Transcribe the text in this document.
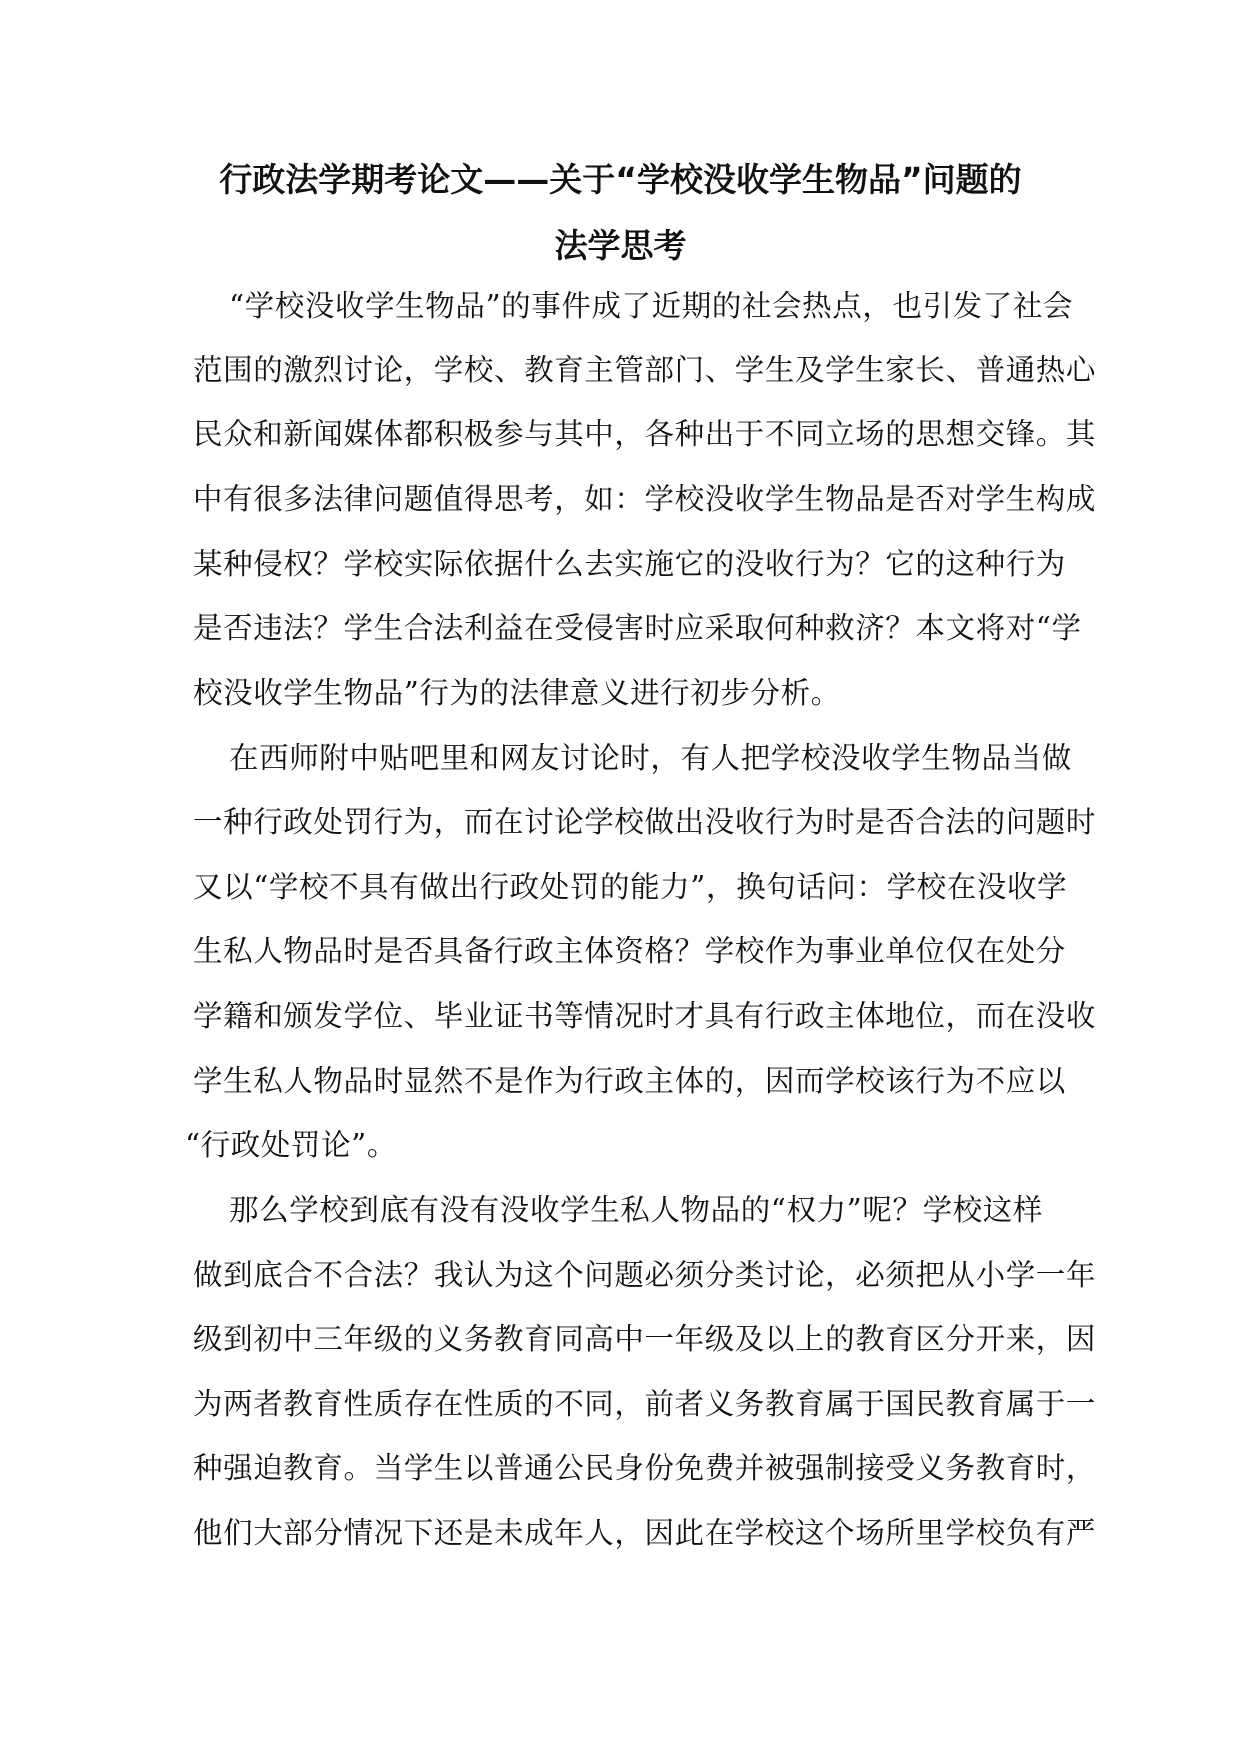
行政法学期考论文——关于“学校没收学生物品”问题的
法学思考

“学校没收学生物品”的事件成了近期的社会热点，也引发了社会

范围的激烈讨论，学校、教育主管部门、学生及学生家长、普通热心

民众和新闻媒体都积极参与其中，各种出于不同立场的思想交锋。其

中有很多法律问题值得思考，如：学校没收学生物品是否对学生构成

某种侵权？学校实际依据什么去实施它的没收行为？它的这种行为

是否违法？学生合法利益在受侵害时应采取何种救济？本文将对“学

校没收学生物品”行为的法律意义进行初步分析。

在西师附中贴吧里和网友讨论时，有人把学校没收学生物品当做

一种行政处罚行为，而在讨论学校做出没收行为时是否合法的问题时

又以“学校不具有做出行政处罚的能力”，换句话问：学校在没收学

生私人物品时是否具备行政主体资格？学校作为事业单位仅在处分

学籍和颁发学位、毕业证书等情况时才具有行政主体地位，而在没收

学生私人物品时显然不是作为行政主体的，因而学校该行为不应以

“行政处罚论”。

那么学校到底有没有没收学生私人物品的“权力”呢？学校这样

做到底合不合法？我认为这个问题必须分类讨论，必须把从小学一年

级到初中三年级的义务教育同高中一年级及以上的教育区分开来，因

为两者教育性质存在性质的不同，前者义务教育属于国民教育属于一

种强迫教育。当学生以普通公民身份免费并被强制接受义务教育时，

他们大部分情况下还是未成年人，因此在学校这个场所里学校负有严
